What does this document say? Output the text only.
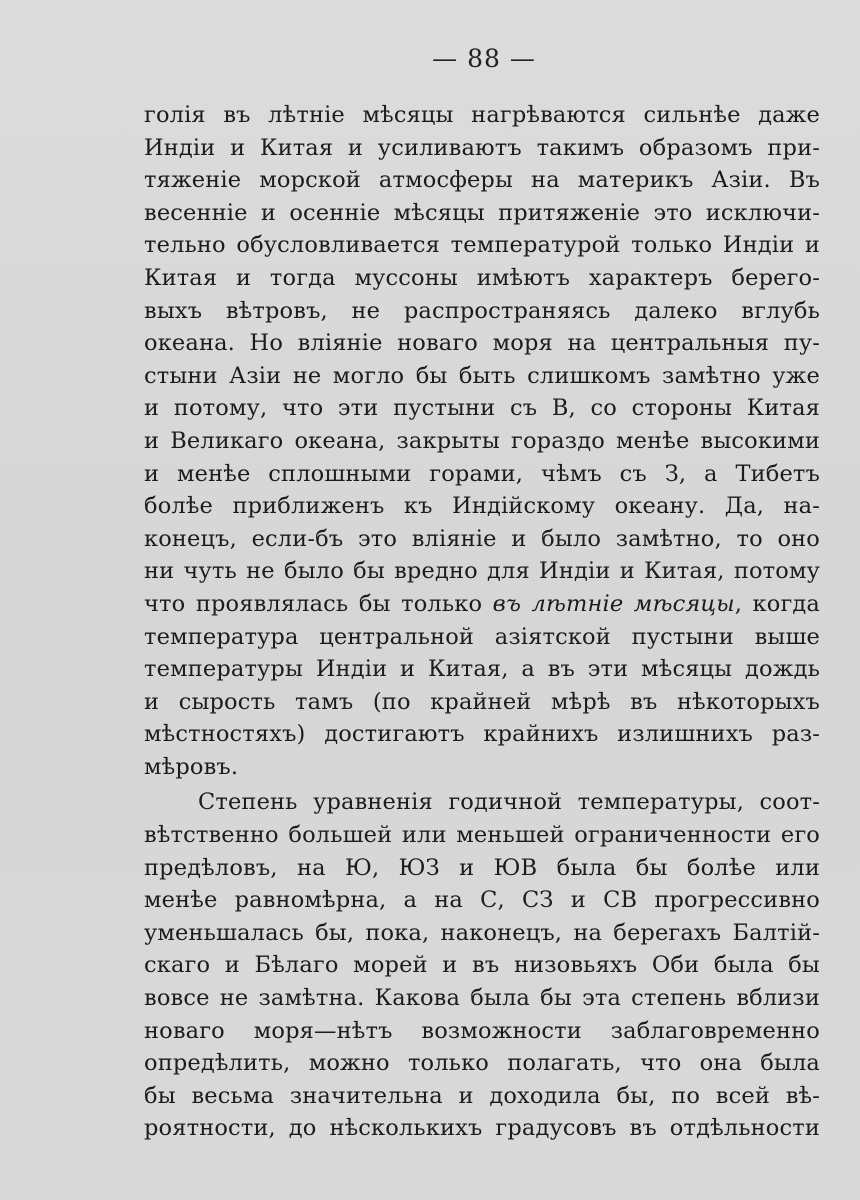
— 88 —
голія въ лѣтніе мѣсяцы нагрѣваются сильнѣе даже
Индіи и Китая и усиливаютъ такимъ образомъ при-
тяженіе морской атмосферы на материкъ Азіи. Въ
весенніе и осенніе мѣсяцы притяженіе это исключи-
тельно обусловливается температурой только Индіи и
Китая и тогда муссоны имѣютъ характеръ берего-
выхъ вѣтровъ, не распространяясь далеко вглубь
океана. Но вліяніе новаго моря на центральныя пу-
стыни Азіи не могло бы быть слишкомъ замѣтно уже
и потому, что эти пустыни съ В, со стороны Китая
и Великаго океана, закрыты гораздо менѣе высокими
и менѣе сплошными горами, чѣмъ съ З, а Тибетъ
болѣе приближенъ къ Индійскому океану. Да, на-
конецъ, если-бъ это вліяніе и было замѣтно, то оно
ни чуть не было бы вредно для Индіи и Китая, потому
что проявлялась бы только въ лѣтніе мѣсяцы, когда
температура центральной азіятской пустыни выше
температуры Индіи и Китая, а въ эти мѣсяцы дождь
и сырость тамъ (по крайней мѣрѣ въ нѣкоторыхъ
мѣстностяхъ) достигаютъ крайнихъ излишнихъ раз-
мѣровъ.
Степень уравненія годичной температуры, соот-
вѣтственно большей или меньшей ограниченности его
предѣловъ, на Ю, ЮЗ и ЮВ была бы болѣе или
менѣе равномѣрна, а на С, СЗ и СВ прогрессивно
уменьшалась бы, пока, наконецъ, на берегахъ Балтій-
скаго и Бѣлаго морей и въ низовьяхъ Оби была бы
вовсе не замѣтна. Какова была бы эта степень вблизи
новаго моря—нѣтъ возможности заблаговременно
опредѣлить, можно только полагать, что она была
бы весьма значительна и доходила бы, по всей вѣ-
роятности, до нѣсколькихъ градусовъ въ отдѣльности
